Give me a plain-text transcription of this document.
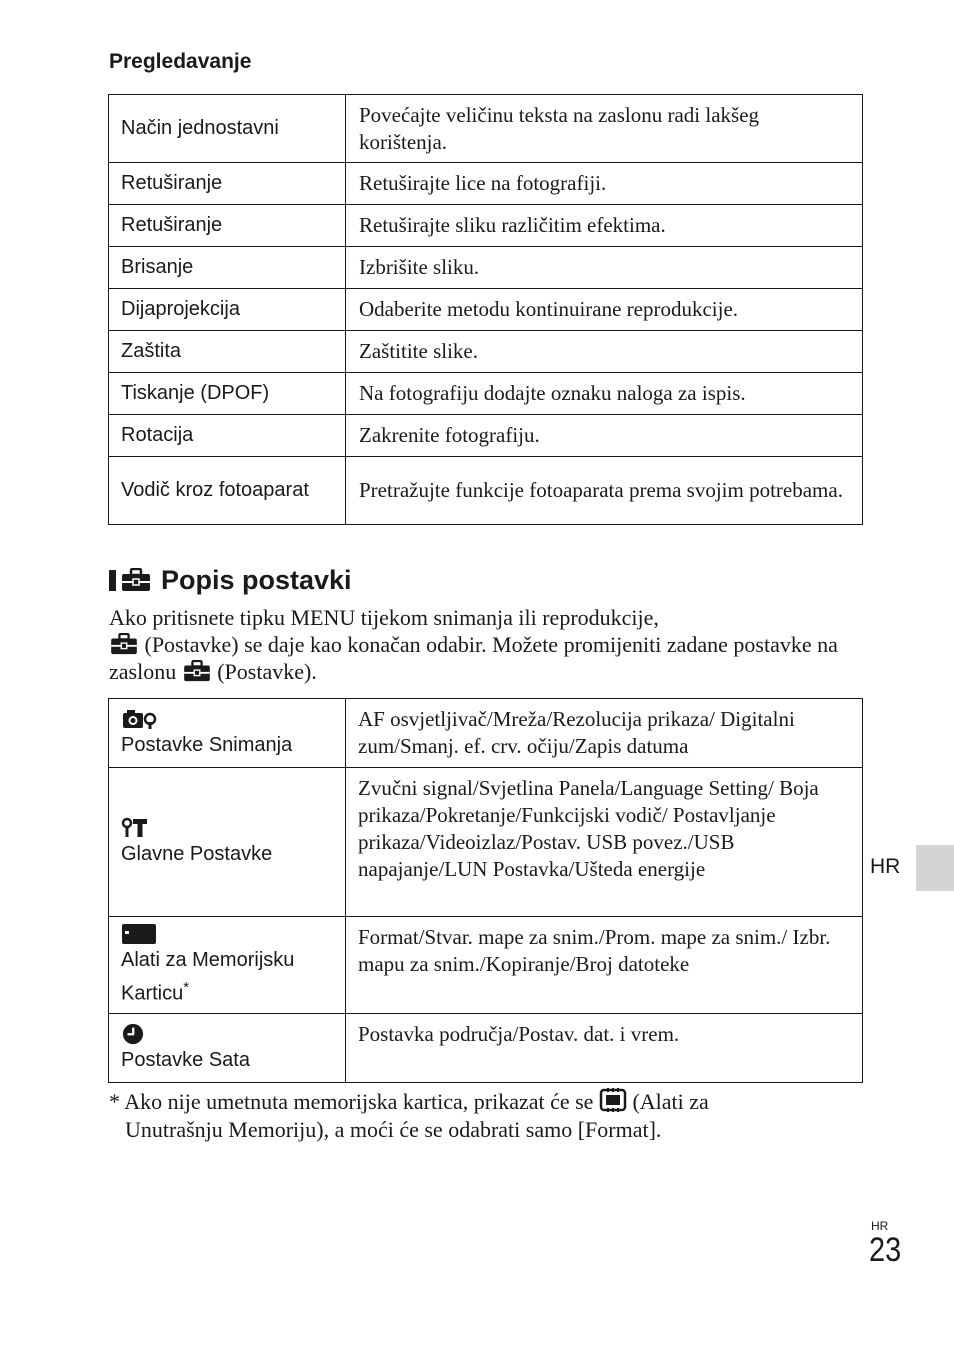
Pregledavanje
Način jednostavni	Povećajte veličinu teksta na zaslonu radi lakšeg korištenja.
Retuširanje	Retuširajte lice na fotografiji.
Retuširanje	Retuširajte sliku različitim efektima.
Brisanje	Izbrišite sliku.
Dijaprojekcija	Odaberite metodu kontinuirane reprodukcije.
Zaštita	Zaštitite slike.
Tiskanje (DPOF)	Na fotografiju dodajte oznaku naloga za ispis.
Rotacija	Zakrenite fotografiju.
Vodič kroz fotoaparat	Pretražujte funkcije fotoaparata prema svojim potrebama.
Popis postavki

Ako pritisnete tipku MENU tijekom snimanja ili reprodukcije,
(Postavke) se daje kao konačan odabir. Možete promijeniti zadane postavke na zaslonu (Postavke).

Postavke Snimanja	AF osvjetljivač/Mreža/Rezolucija prikaza/ Digitalni zum/Smanj. ef. crv. očiju/Zapis datuma

Glavne Postavke	Zvučni signal/Svjetlina Panela/Language Setting/ Boja prikaza/Pokretanje/Funkcijski vodič/ Postavljanje prikaza/Videoizlaz/Postav. USB povez./USB napajanje/LUN Postavka/Ušteda energije

Alati za Memorijsku Karticu*	Format/Stvar. mape za snim./Prom. mape za snim./ Izbr. mapu za snim./Kopiranje/Broj datoteke

Postavke Sata	Postavka područja/Postav. dat. i vrem.

* Ako nije umetnuta memorijska kartica, prikazat će se (Alati za
Unutrašnju Memoriju), a moći će se odabrati samo [Format].

HR
HR
23
